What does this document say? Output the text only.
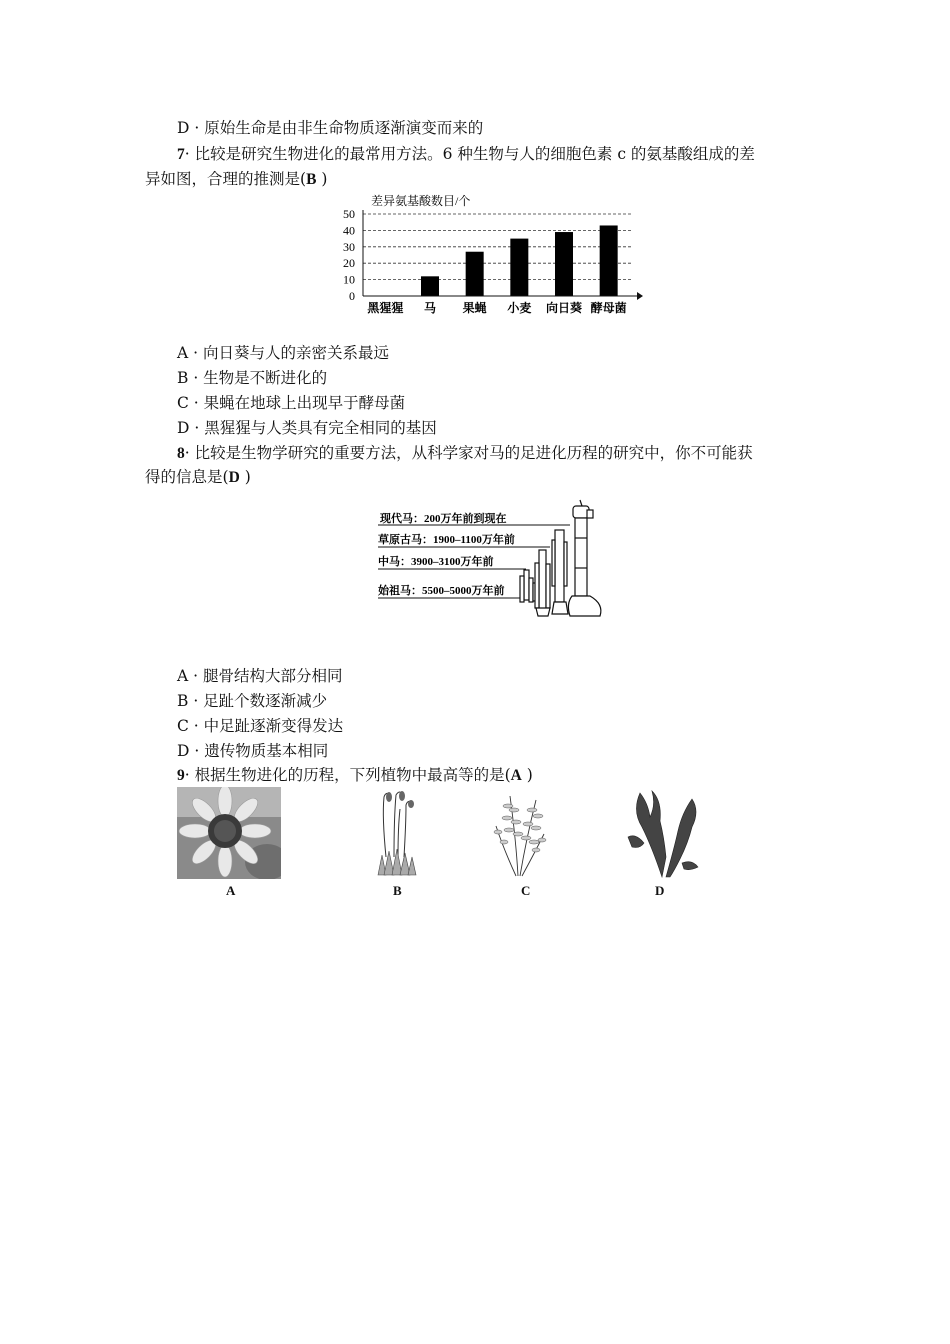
D · 原始生命是由非生命物质逐渐演变而来的
7· 比较是研究生物进化的最常用方法。6 种生物与人的细胞色素 c 的氨基酸组成的差
异如图，合理的推测是(B )
差异氨基酸数目/个
0
10
20
30
40
50
黑猩猩 马 果蝇 小麦 向日葵 酵母菌
A · 向日葵与人的亲密关系最远
B · 生物是不断进化的
C · 果蝇在地球上出现早于酵母菌
D · 黑猩猩与人类具有完全相同的基因
8· 比较是生物学研究的重要方法，从科学家对马的足进化历程的研究中，你不可能获
得的信息是(D )
现代马：200万年前到现在
草原古马：1900–1100万年前
中马：3900–3100万年前
始祖马：5500–5000万年前
A · 腿骨结构大部分相同
B · 足趾个数逐渐减少
C · 中足趾逐渐变得发达
D · 遗传物质基本相同
9· 根据生物进化的历程，下列植物中最高等的是(A )
A	B	C	D
